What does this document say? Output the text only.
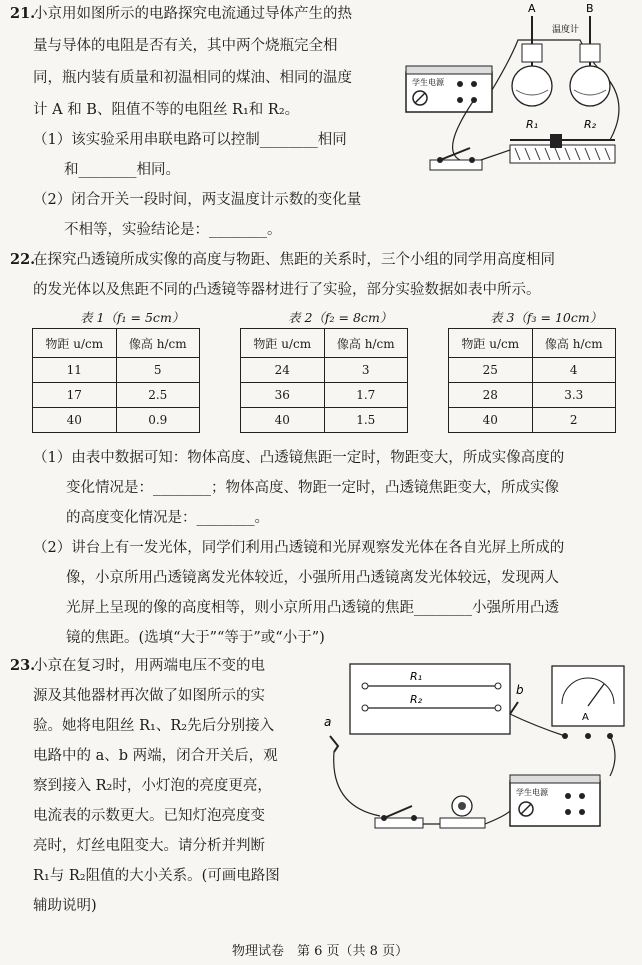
21.
小京用如图所示的电路探究电流通过导体产生的热
量与导体的电阻是否有关，其中两个烧瓶完全相
同，瓶内装有质量和初温相同的煤油、相同的温度
计 A 和 B、阻值不等的电阻丝 R₁和 R₂。
（1）该实验采用串联电路可以控制________相同
和________相同。
（2）闭合开关一段时间，两支温度计示数的变化量
不相等，实验结论是：________。
学生电源
A	B
温度计
R₁	R₂
22.
在探究凸透镜所成实像的高度与物距、焦距的关系时，三个小组的同学用高度相同
的发光体以及焦距不同的凸透镜等器材进行了实验，部分实验数据如表中所示。
表 1（f₁ = 5cm）	表 2（f₂ = 8cm）	表 3（f₃ = 10cm）
物距 u/cm	像高 h/cm
11	5
17	2.5
40	0.9
物距 u/cm	像高 h/cm
24	3
36	1.7
40	1.5
物距 u/cm	像高 h/cm
25	4
28	3.3
40	2
（1）由表中数据可知：物体高度、凸透镜焦距一定时，物距变大，所成实像高度的
变化情况是：________；物体高度、物距一定时，凸透镜焦距变大，所成实像
的高度变化情况是：________。
（2）讲台上有一发光体，同学们利用凸透镜和光屏观察发光体在各自光屏上所成的
像，小京所用凸透镜离发光体较近，小强所用凸透镜离发光体较远，发现两人
光屏上呈现的像的高度相等，则小京所用凸透镜的焦距________小强所用凸透
镜的焦距。(选填“大于”“等于”或“小于”)
23.
小京在复习时，用两端电压不变的电
源及其他器材再次做了如图所示的实
验。她将电阻丝 R₁、R₂先后分别接入
电路中的 a、b 两端，闭合开关后，观
察到接入 R₂时，小灯泡的亮度更亮，
电流表的示数更大。已知灯泡亮度变
亮时，灯丝电阻变大。请分析并判断
R₁与 R₂阻值的大小关系。(可画电路图
辅助说明)
R₁
R₂
a
b
A
学生电源
物理试卷　第 6 页（共 8 页）
